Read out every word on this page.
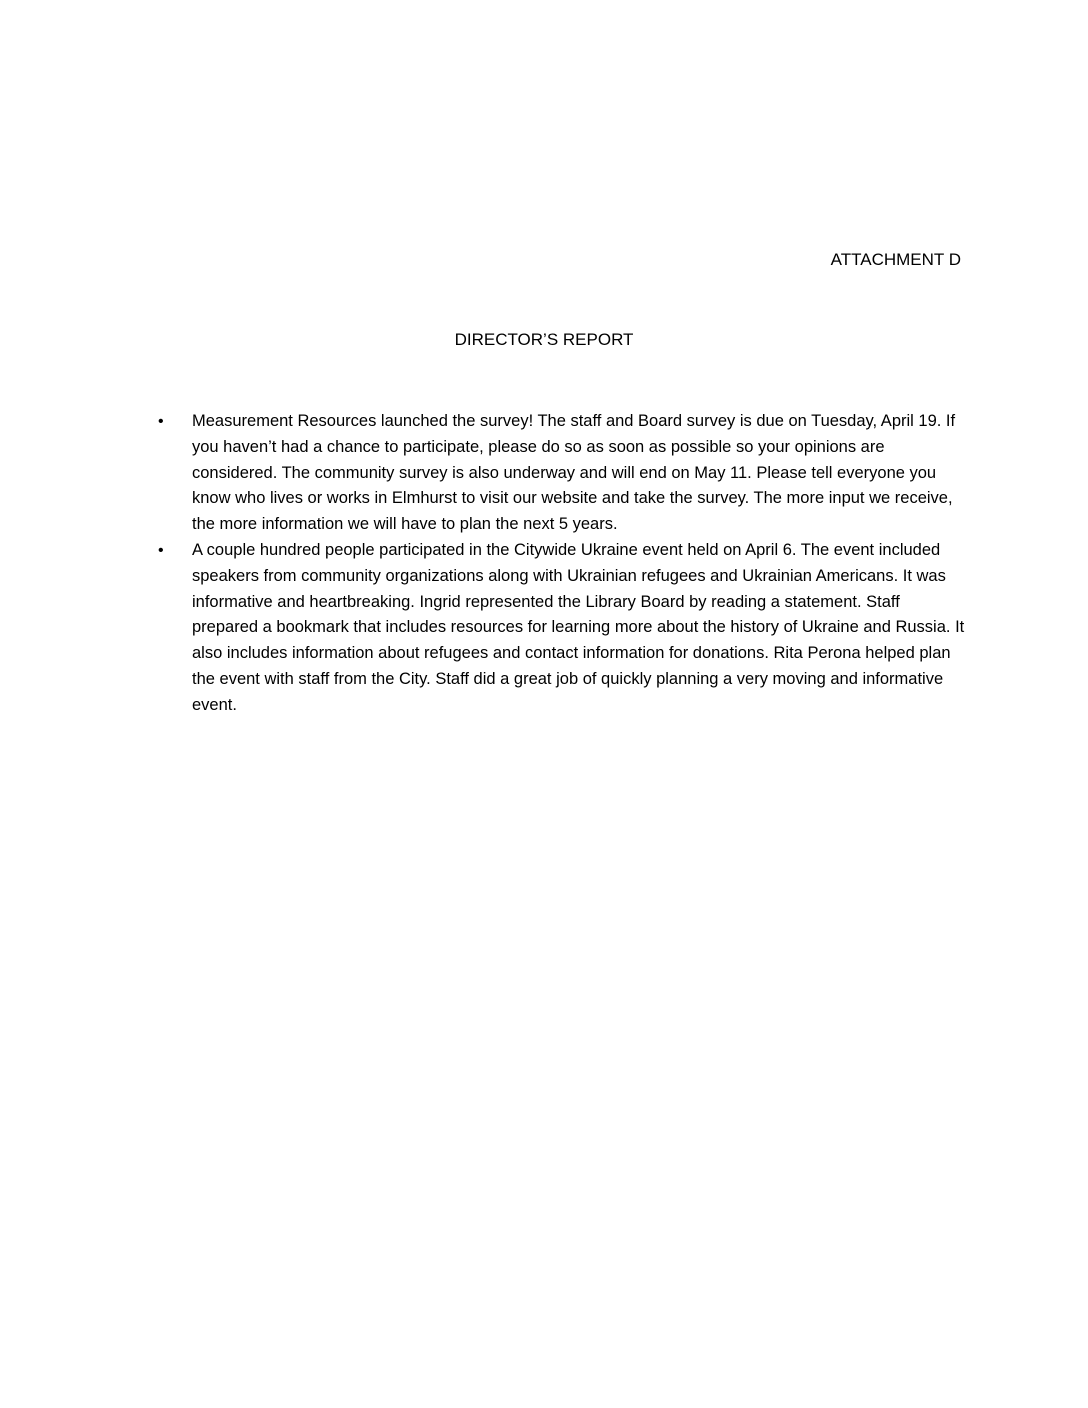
ATTACHMENT D
DIRECTOR’S REPORT
• Measurement Resources launched the survey! The staff and Board survey is due on Tuesday, April 19. If you haven’t had a chance to participate, please do so as soon as possible so your opinions are considered. The community survey is also underway and will end on May 11. Please tell everyone you know who lives or works in Elmhurst to visit our website and take the survey. The more input we receive, the more information we will have to plan the next 5 years.
• A couple hundred people participated in the Citywide Ukraine event held on April 6. The event included speakers from community organizations along with Ukrainian refugees and Ukrainian Americans. It was informative and heartbreaking. Ingrid represented the Library Board by reading a statement. Staff prepared a bookmark that includes resources for learning more about the history of Ukraine and Russia. It also includes information about refugees and contact information for donations. Rita Perona helped plan the event with staff from the City. Staff did a great job of quickly planning a very moving and informative event.
